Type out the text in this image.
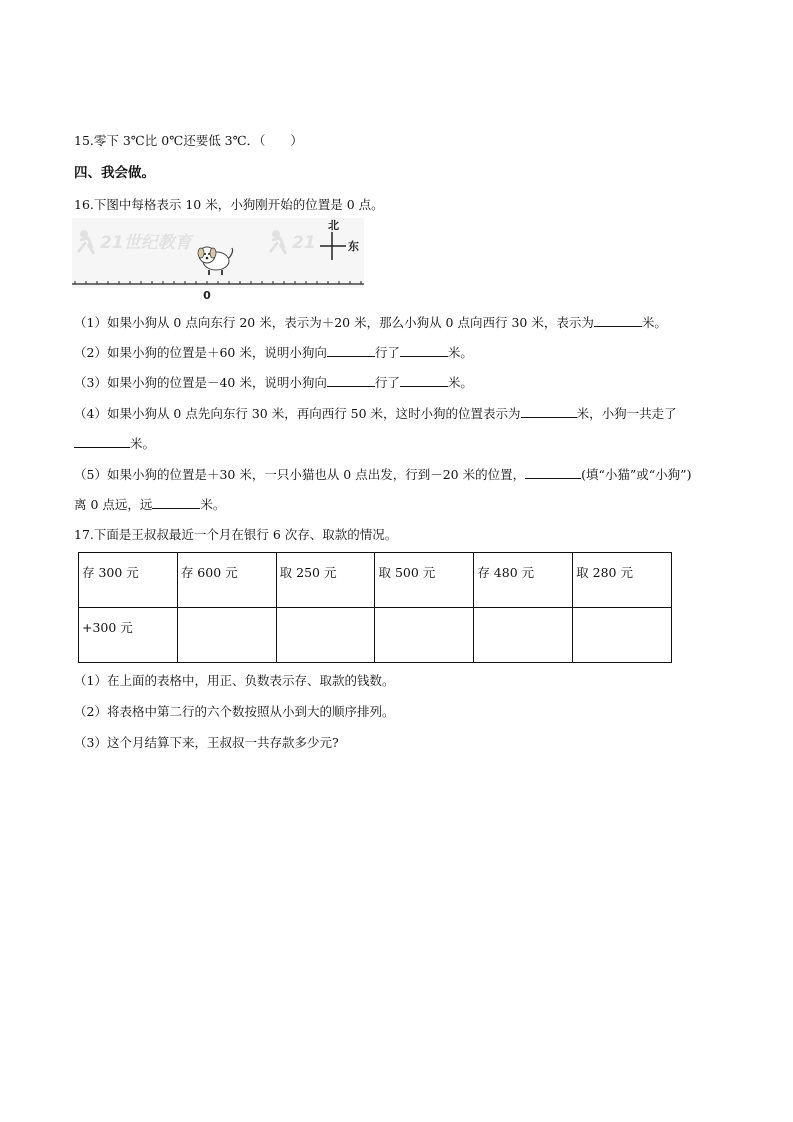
15.零下 3℃比 0℃还要低 3℃．（　　）
四、我会做。
16.下图中每格表示 10 米，小狗刚开始的位置是 0 点。
21世纪教育	21
北
东
0
（1）如果小狗从 0 点向东行 20 米，表示为＋20 米，那么小狗从 0 点向西行 30 米，表示为	米。
（2）如果小狗的位置是＋60 米，说明小狗向	行了	米。
（3）如果小狗的位置是－40 米，说明小狗向	行了	米。
（4）如果小狗从 0 点先向东行 30 米，再向西行 50 米，这时小狗的位置表示为	米，小狗一共走了
米。
（5）如果小狗的位置是＋30 米，一只小猫也从 0 点出发，行到－20 米的位置，	(填“小猫”或“小狗”)
离 0 点远，远	米。
17.下面是王叔叔最近一个月在银行 6 次存、取款的情况。
存 300 元	存 600 元	取 250 元	取 500 元	存 480 元	取 280 元
+300 元					
（1）在上面的表格中，用正、负数表示存、取款的钱数。
（2）将表格中第二行的六个数按照从小到大的顺序排列。
（3）这个月结算下来，王叔叔一共存款多少元?
